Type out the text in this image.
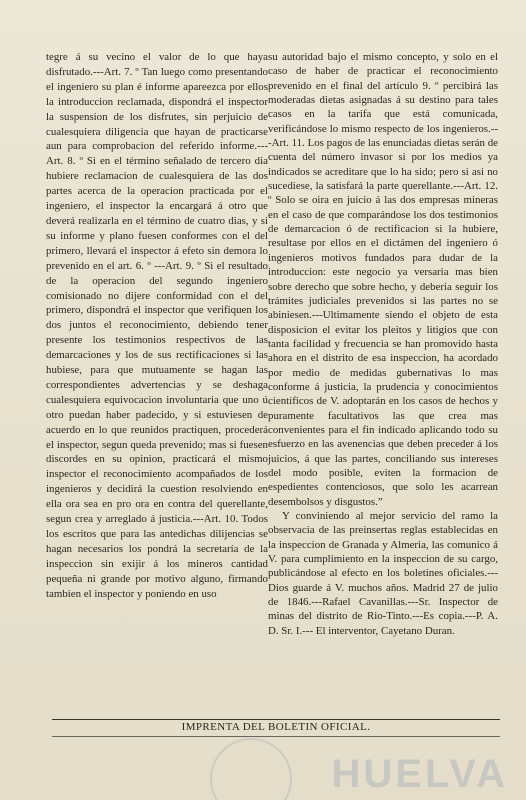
tegre á su vecino el valor de lo que haya disfrutado.---Art. 7. º Tan luego como presentando el ingeniero su plan é informe apareezca por ellos la introduccion reclamada, dispondrá el inspector la suspension de los disfrutes, sin perjuicio de cualesquiera diligencia que hayan de practicarse aun para comprobacion del referido informe.---Art. 8. º Si en el término señalado de tercero dia hubiere reclamacion de cualesquiera de las dos partes acerca de la operacion practicada por el ingeniero, el inspector la encargará á otro que deverá realizarla en el término de cuatro dias, y si su informe y plano fuesen conformes con el del primero, llevará el inspector á efeto sin demora lo prevenido en el art. 6. º ---Art. 9. º Si el resultado de la operacion del segundo ingeniero comisionado no dijere conformidad con el del primero, dispondrá el inspector que verifiquen los dos juntos el reconocimiento, debiendo tener presente los testimonios respectivos de las demarcaciones y los de sus rectificaciones si las hubiese, para que mutuamente se hagan las correspondientes advertencias y se deshaga cualesquiera equivocacion involuntaria que uno ú otro puedan haber padecido, y si estuviesen de acuerdo en lo que reunidos practiquen, procederá el inspector, segun queda prevenido; mas si fuesen discordes en su opinion, practicará el mismo inspector el reconocimiento acompañados de los ingenieros y decidirá la cuestion resolviendo en ella ora sea en pro ora en contra del querellante, segun crea y arreglado á justicia.---Art. 10. Todos los escritos que para las antedichas dilijencias se hagan necesarios los pondrá la secretaría de la inspeccion sin exijir á los mineros cantidad pequeña ni grande por motivo alguno, firmando tambien el inspector y poniendo en uso

su autoridad bajo el mismo concepto, y solo en el caso de haber de practicar el reconocimiento prevenido en el final del artículo 9. º percibirá las moderadas dietas asignadas á su destino para tales casos en la tarifa que está comunicada, verificándose lo mismo respecto de los ingenieros.---Art. 11. Los pagos de las enunciadas dietas serán de cuenta del número invasor si por los medios ya indicados se acreditare que lo ha sido; pero si asi no sucediese, la satisfará la parte querellante.---Art. 12. º Solo se oira en juicio á las dos empresas mineras en el caso de que comparándose los dos testimonios de demarcacion ó de rectificacion si la hubiere, resultase por ellos en el dictámen del ingeniero ó ingenieros motivos fundados para dudar de la introduccion: este negocio ya versaria mas bien sobre derecho que sobre hecho, y deberia seguir los trámites judiciales prevenidos si las partes no se abiniesen.---Ultimamente siendo el objeto de esta disposicion el evitar los pleitos y litigios que con tanta facilidad y frecuencia se han promovido hasta ahora en el distrito de esa inspeccion, ha acordado por medio de medidas gubernativas lo mas conforme á justicia, la prudencia y conocimientos científicos de V. adoptarán en los casos de hechos y puramente facultativos las que crea mas convenientes para el fin indicado aplicando todo su esfuerzo en las avenencias que deben preceder á los juicios, á que las partes, conciliando sus intereses del modo posible, eviten la formacion de espedientes contenciosos, que solo les acarrean desembolsos y disgustos.”

Y conviniendo al mejor servicio del ramo la observacia de las preinsertas reglas establecidas en la inspeccion de Granada y Almeria, las comunico á V. para cumplimiento en la inspeccion de su cargo, publicándose al efecto en los boletines oficiales.---Dios guarde á V. muchos años. Madrid 27 de julio de 1846.---Rafael Cavanillas.---Sr. Inspector de minas del distrito de Rio-Tinto.---Es copia.---P. A. D. Sr. I.--- El interventor, Cayetano Duran.

IMPRENTA DEL BOLETIN OFICIAL.
HUELVA
